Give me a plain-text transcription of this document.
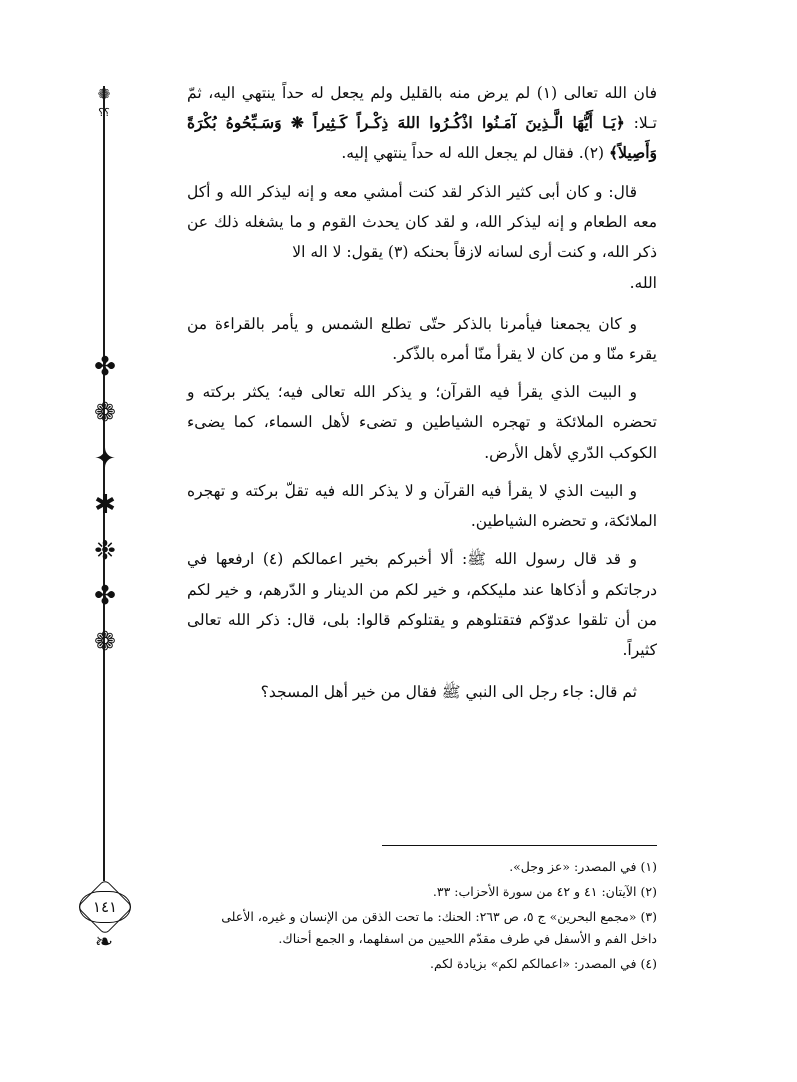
❁
؟؟
✤
❁
✦
✱
❉
✤
❁
١٤١
❧

فان الله تعالى (١) لم يرض منه بالقليل ولم يجعل له حداً ينتهي اليه، ثمّ تـلا: ﴿يَـا أَيُّهَا الَّـذِينَ آمَـنُوا اذْكُـرُوا اللهَ ذِكْـراً كَـثِيراً ❋ وَسَـبِّحُوهُ بُكْرَةً وَأَصِيلاً﴾ (٢). فقال لم يجعل الله له حداً ينتهي إليه.

قال: و كان أبى كثير الذكر لقد كنت أمشي معه و إنه ليذكر الله و أكل معه الطعام و إنه ليذكر الله، و لقد كان يحدث القوم و ما يشغله ذلك عن ذكر الله، و كنت أرى لسانه لازقاً بحنكه (٣) يقول: لا اله الا

الله.

و كان يجمعنا فيأمرنا بالذكر حتّى تطلع الشمس و يأمر بالقراءة من يقرء منّا و من كان لا يقرأ منّا أمره بالذّكر.

و البيت الذي يقرأ فيه القرآن؛ و يذكر الله تعالى فيه؛ يكثر بركته و تحضره الملائكة و تهجره الشياطين و تضىء لأهل السماء، كما يضىء الكوكب الدّري لأهل الأرض.

و البيت الذي لا يقرأ فيه القرآن و لا يذكر الله فيه تقلّ بركته و تهجره الملائكة، و تحضره الشياطين.

و قد قال رسول الله ﷺ: ألا أخبركم بخير اعمالكم (٤) ارفعها في درجاتكم و أذكاها عند مليككم، و خير لكم من الدينار و الدّرهم، و خير لكم من أن تلقوا عدوّكم فتقتلوهم و يقتلوكم قالوا: بلى، قال: ذكر الله تعالى كثيراً.

ثم قال: جاء رجل الى النبي ﷺ فقال من خير أهل المسجد؟

(١) في المصدر: «عز وجل».

(٢) الآيتان: ٤١ و ٤٢ من سورة الأحزاب: ٣٣.

(٣) «مجمع البحرين» ج ٥، ص ٢٦٣: الحنك: ما تحت الذقن من الإنسان و غيره، الأعلى
داخل الفم و الأسفل في طرف مقدّم اللحيين من اسفلهما، و الجمع أحناك.

(٤) في المصدر: «اعمالكم لكم» بزيادة لكم.
